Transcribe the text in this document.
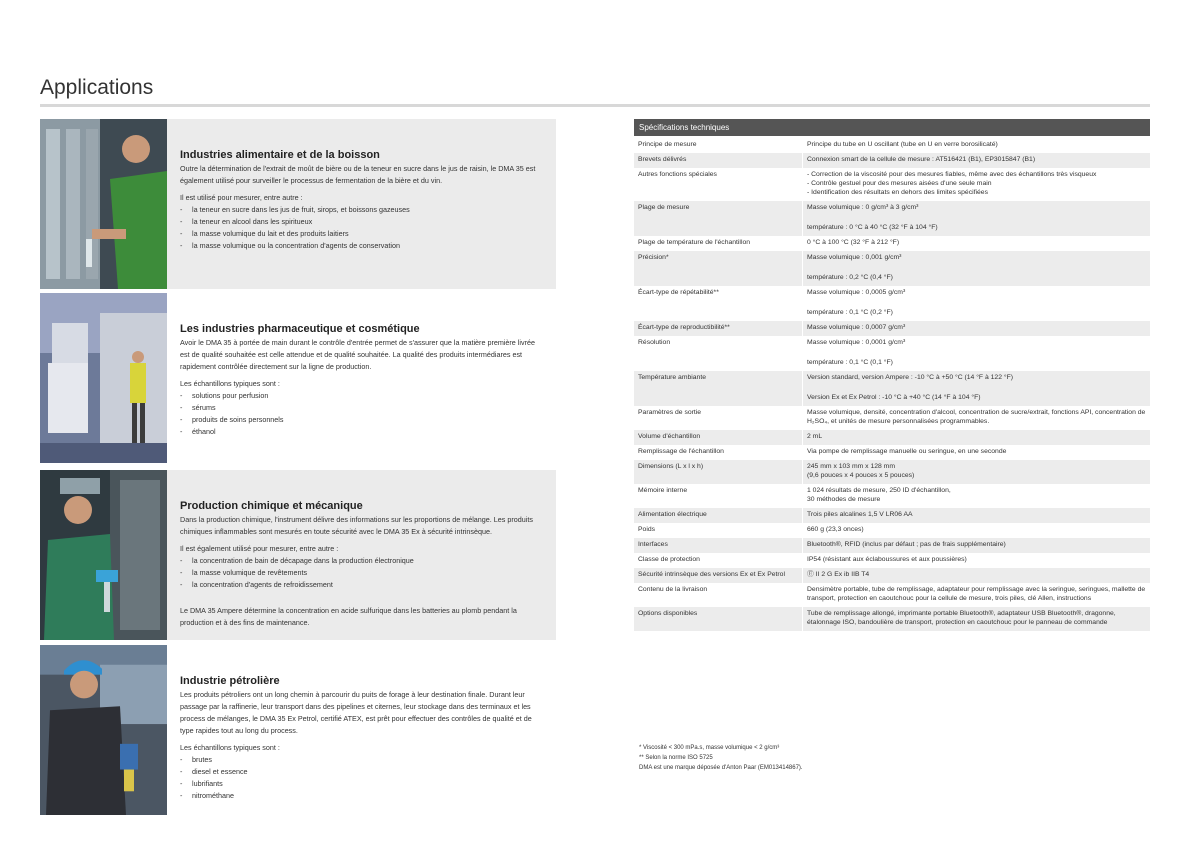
Applications
Industries alimentaire et de la boisson

Outre la détermination de l'extrait de moût de bière ou de la teneur en sucre dans le jus de raisin, le DMA 35 est également utilisé pour surveiller le processus de fermentation de la bière et du vin.

Il est utilisé pour mesurer, entre autre :

- la teneur en sucre dans les jus de fruit, sirops, et boissons gazeuses
- la teneur en alcool dans les spiritueux
- la masse volumique du lait et des produits laitiers
- la masse volumique ou la concentration d'agents de conservation
Les industries pharmaceutique et cosmétique

Avoir le DMA 35 à portée de main durant le contrôle d'entrée permet de s'assurer que la matière première livrée est de qualité souhaitée est celle attendue et de qualité souhaitée. La qualité des produits intermédiares est rapidement contrôlée directement sur la ligne de production.

Les échantillons typiques sont :

- solutions pour perfusion
- sérums
- produits de soins personnels
- éthanol
Production chimique et mécanique

Dans la production chimique, l'instrument délivre des informations sur les proportions de mélange. Les produits chimiques inflammables sont mesurés en toute sécurité avec le DMA 35 Ex à sécurité intrinsèque.

Il est également utilisé pour mesurer, entre autre :

- la concentration de bain de décapage dans la production électronique
- la masse volumique de revêtements
- la concentration d'agents de refroidissement

Le DMA 35 Ampere détermine la concentration en acide sulfurique dans les batteries au plomb pendant la production et à des fins de maintenance.

Industrie pétrolière

Les produits pétroliers ont un long chemin à parcourir du puits de forage à leur destination finale. Durant leur passage par la raffinerie, leur transport dans des pipelines et citernes, leur stockage dans des terminaux et les process de mélanges, le DMA 35 Ex Petrol, certifié ATEX, est prêt pour effectuer des contrôles de qualité et de type rapides tout au long du process.

Les échantillons typiques sont :

- brutes
- diesel et essence
- lubrifiants
- nitrométhane
Spécifications techniques
Principe de mesure	Principe du tube en U oscillant (tube en U en verre borosilicaté)
Brevets délivrés	Connexion smart de la cellule de mesure : AT516421 (B1), EP3015847 (B1)
Autres fonctions spéciales	- Correction de la viscosité pour des mesures fiables, même avec des échantillons très visqueux
- Contrôle gestuel pour des mesures aisées d'une seule main
- Identification des résultats en dehors des limites spécifiées
Plage de mesure	Masse volumique : 0 g/cm³ à 3 g/cm³
température : 0 °C à 40 °C (32 °F à 104 °F)
Plage de température de l'échantillon	0 °C à 100 °C (32 °F à 212 °F)
Précision*	Masse volumique : 0,001 g/cm³
température : 0,2 °C (0,4 °F)
Écart-type de répétabilité**	Masse volumique : 0,0005 g/cm³
température : 0,1 °C (0,2 °F)
Écart-type de reproductibilité**	Masse volumique : 0,0007 g/cm³
Résolution	Masse volumique : 0,0001 g/cm³
température : 0,1 °C (0,1 °F)
Température ambiante	Version standard, version Ampere : -10 °C à +50 °C (14 °F à 122 °F)
Version Ex et Ex Petrol : -10 °C à +40 °C (14 °F à 104 °F)
Paramètres de sortie	Masse volumique, densité, concentration d'alcool, concentration de sucre/extrait, fonctions API, concentration de H₂SO₄, et unités de mesure personnalisées programmables.
Volume d'échantillon	2 mL
Remplissage de l'échantillon	Via pompe de remplissage manuelle ou seringue, en une seconde
Dimensions (L x l x h)	245 mm x 103 mm x 128 mm
(9,6 pouces x 4 pouces x 5 pouces)
Mémoire interne	1 024 résultats de mesure, 250 ID d'échantillon,
30 méthodes de mesure
Alimentation électrique	Trois piles alcalines 1,5 V LR06 AA
Poids	660 g (23,3 onces)
Interfaces	Bluetooth®, RFID (inclus par défaut ; pas de frais supplémentaire)
Classe de protection	IP54 (résistant aux éclaboussures et aux poussières)
Sécurité intrinsèque des versions Ex et Ex Petrol	Ⓔ II 2 G Ex ib IIB T4
Contenu de la livraison	Densimètre portable, tube de remplissage, adaptateur pour remplissage avec la seringue, seringues, mallette de transport, protection en caoutchouc pour la cellule de mesure, trois piles, clé Allen, instructions
Options disponibles	Tube de remplissage allongé, imprimante portable Bluetooth®, adaptateur USB Bluetooth®, dragonne, étalonnage ISO, bandoulière de transport, protection en caoutchouc pour le panneau de commande
* Viscosité < 300 mPa.s, masse volumique < 2 g/cm³
** Selon la norme ISO 5725
DMA est une marque déposée d'Anton Paar (EM013414867).
